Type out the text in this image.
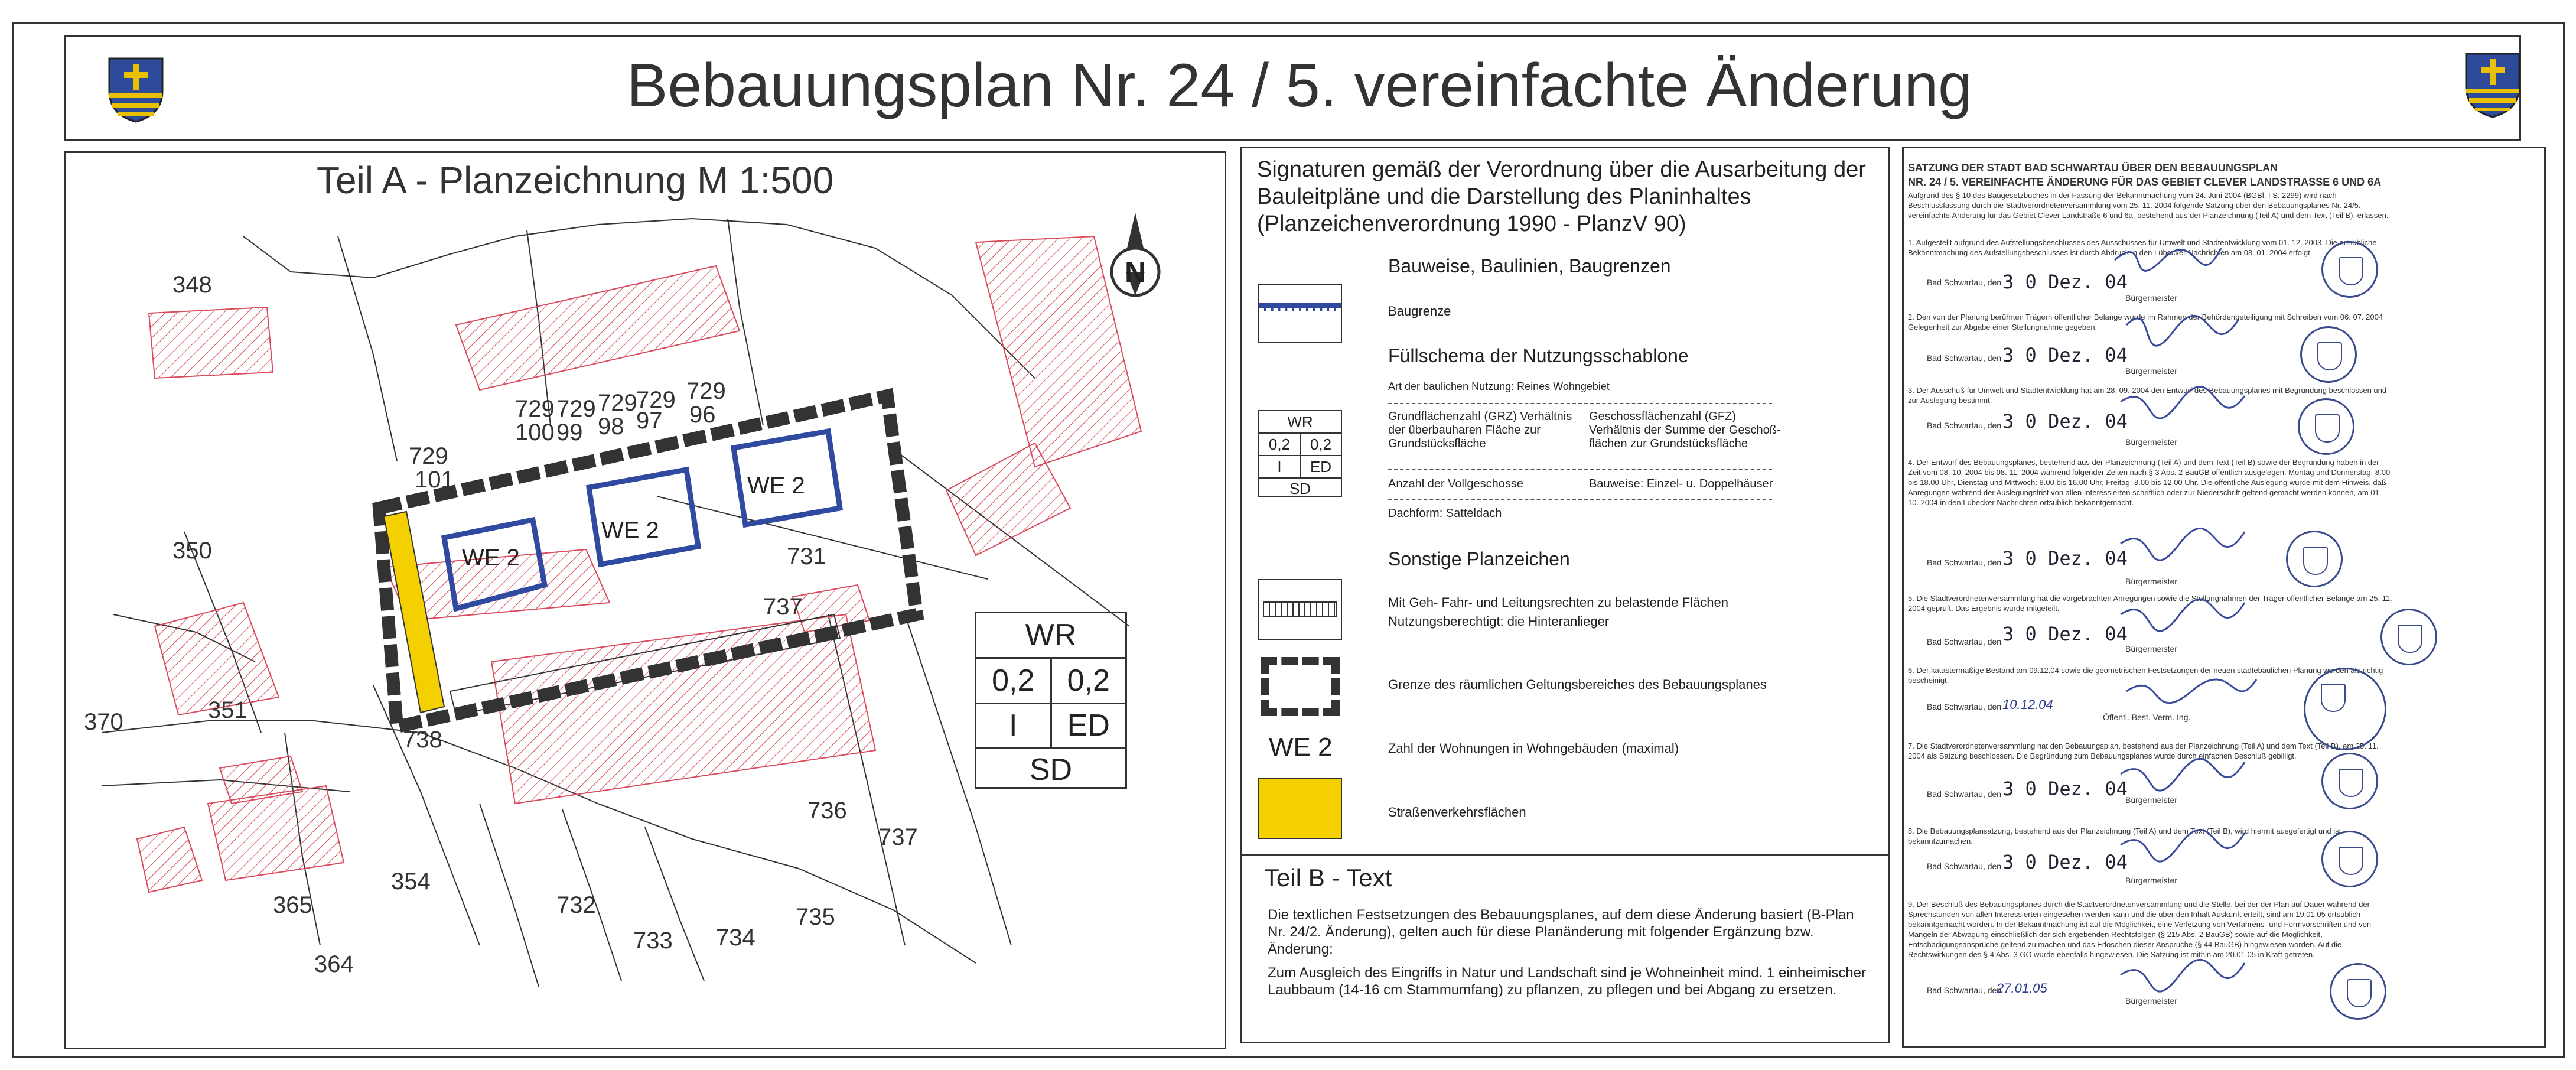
Bebauungsplan Nr. 24 / 5. vereinfachte Änderung
Teil A - Planzeichnung M 1:500
N
348
350
370	351
365
354
364
729
101
729
100
729
99
729
98
729
97
729
96
731
737
738
736
737
732
733 734
735
WE 2
WE 2
WE 2
WR
0,2	0,2
I	ED
SD
Signaturen gemäß der Verordnung über die Ausarbeitung der Bauleitpläne und die Darstellung des Planinhaltes (Planzeichenverordnung 1990 - PlanzV 90)
Bauweise, Baulinien, Baugrenzen
Baugrenze
Füllschema der Nutzungsschablone
Art der baulichen Nutzung: Reines Wohngebiet
Grundflächenzahl (GRZ) Verhältnis der überbauharen Fläche zur Grundstücksfläche
Geschossflächenzahl (GFZ) Verhältnis der Summe der Geschoß-flächen zur Grundstücksfläche
Anzahl der Vollgeschosse	Bauweise: Einzel- u. Doppelhäuser
Dachform: Satteldach
WR
0,2	0,2
I	ED
SD
Sonstige Planzeichen
Mit Geh- Fahr- und Leitungsrechten zu belastende Flächen Nutzungsberechtigt: die Hinteranlieger
Grenze des räumlichen Geltungsbereiches des Bebauungsplanes
WE 2	Zahl der Wohnungen in Wohngebäuden (maximal)
Straßenverkehrsflächen
Teil B - Text
Die textlichen Festsetzungen des Bebauungsplanes, auf dem diese Änderung basiert (B-Plan Nr. 24/2. Änderung), gelten auch für diese Planänderung mit folgender Ergänzung bzw. Änderung:
Zum Ausgleich des Eingriffs in Natur und Landschaft sind je Wohneinheit mind. 1 einheimischer Laubbaum (14-16 cm Stammumfang) zu pflanzen, zu pflegen und bei Abgang zu ersetzen.
SATZUNG DER STADT BAD SCHWARTAU ÜBER DEN BEBAUUNGSPLAN
NR. 24 / 5. VEREINFACHTE ÄNDERUNG FÜR DAS GEBIET CLEVER LANDSTRASSE 6 UND 6A
Aufgrund des § 10 des Baugesetzbuches in der Fassung der Bekanntmachung vom 24. Juni 2004 (BGBl. I S. 2299) wird nach Beschlussfassung durch die Stadtverordnetenversammlung vom 25. 11. 2004 folgende Satzung über den Bebauungsplanes Nr. 24/5. vereinfachte Änderung für das Gebiet Clever Landstraße 6 und 6a, bestehend aus der Planzeichnung (Teil A) und dem Text (Teil B), erlassen.
1. Aufgestellt aufgrund des Aufstellungsbeschlusses des Ausschusses für Umwelt und Stadtentwicklung vom 01. 12. 2003. Die ortsübliche Bekanntmachung des Aufstellungsbeschlusses ist durch Abdruck in den Lübecker Nachrichten am 08. 01. 2004 erfolgt.
Bad Schwartau, den 3 0 Dez. 04
Bürgermeister
2. Den von der Planung berührten Trägern öffentlicher Belange wurde im Rahmen der Behördenbeteiligung mit Schreiben vom 06. 07. 2004 Gelegenheit zur Abgabe einer Stellungnahme gegeben.
Bad Schwartau, den 3 0 Dez. 04
Bürgermeister
3. Der Ausschuß für Umwelt und Stadtentwicklung hat am 28. 09. 2004 den Entwurf des Bebauungsplanes mit Begründung beschlossen und zur Auslegung bestimmt.
Bad Schwartau, den 3 0 Dez. 04
Bürgermeister
4. Der Entwurf des Bebauungsplanes, bestehend aus der Planzeichnung (Teil A) und dem Text (Teil B) sowie der Begründung haben in der Zeit vom 08. 10. 2004 bis 08. 11. 2004 während folgender Zeiten nach § 3 Abs. 2 BauGB öffentlich ausgelegen: Montag und Donnerstag: 8.00 bis 18.00 Uhr, Dienstag und Mittwoch: 8.00 bis 16.00 Uhr, Freitag: 8.00 bis 12.00 Uhr. Die öffentliche Auslegung wurde mit dem Hinweis, daß Anregungen während der Auslegungsfrist von allen Interessierten schriftlich oder zur Niederschrift geltend gemacht werden können, am 01. 10. 2004 in den Lübecker Nachrichten ortsüblich bekanntgemacht.
Bad Schwartau, den 3 0 Dez. 04
Bürgermeister
5. Die Stadtverordnetenversammlung hat die vorgebrachten Anregungen sowie die Stellungnahmen der Träger öffentlicher Belange am 25. 11. 2004 geprüft. Das Ergebnis wurde mitgeteilt.
Bad Schwartau, den 3 0 Dez. 04
Bürgermeister
6. Der katastermäßige Bestand am 09.12.04 sowie die geometrischen Festsetzungen der neuen städtebaulichen Planung werden als richtig bescheinigt.
Bad Schwartau, den 10.12.04
Öffentl. Best. Verm. Ing.
7. Die Stadtverordnetenversammlung hat den Bebauungsplan, bestehend aus der Planzeichnung (Teil A) und dem Text (Teil B), am 25. 11. 2004 als Satzung beschlossen. Die Begründung zum Bebauungsplanes wurde durch einfachen Beschluß gebilligt.
Bad Schwartau, den 3 0 Dez. 04
Bürgermeister
8. Die Bebauungsplansatzung, bestehend aus der Planzeichnung (Teil A) und dem Text (Teil B), wird hiermit ausgefertigt und ist bekanntzumachen.
Bad Schwartau, den 3 0 Dez. 04
Bürgermeister
9. Der Beschluß des Bebauungsplanes durch die Stadtverordnetenversammlung und die Stelle, bei der der Plan auf Dauer während der Sprechstunden von allen Interessierten eingesehen werden kann und die über den Inhalt Auskunft erteilt, sind am 19.01.05 ortsüblich bekanntgemacht worden. In der Bekanntmachung ist auf die Möglichkeit, eine Verletzung von Verfahrens- und Formvorschriften und von Mängeln der Abwägung einschließlich der sich ergebenden Rechtsfolgen (§ 215 Abs. 2 BauGB) sowie auf die Möglichkeit, Entschädigungsansprüche geltend zu machen und das Erlöschen dieser Ansprüche (§ 44 BauGB) hingewiesen worden. Auf die Rechtswirkungen des § 4 Abs. 3 GO wurde ebenfalls hingewiesen. Die Satzung ist mithin am 20.01.05 in Kraft getreten.
Bad Schwartau, den
27.01.05
Bürgermeister
